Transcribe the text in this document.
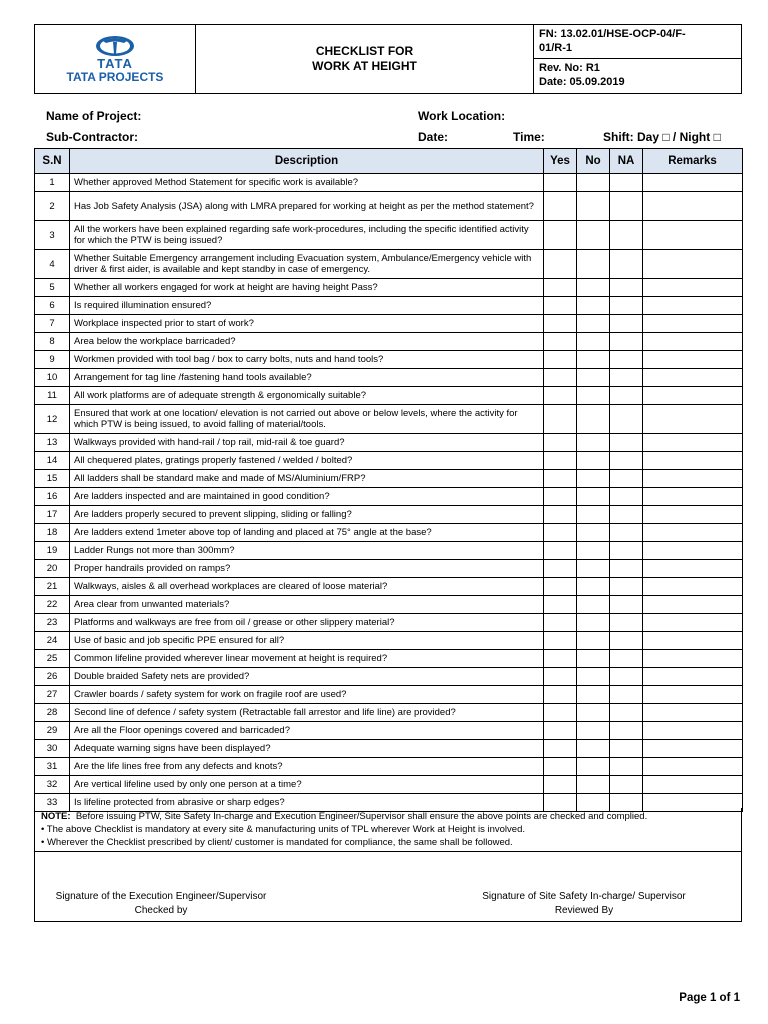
TATA
TATA PROJECTS
CHECKLIST FOR
WORK AT HEIGHT
FN: 13.02.01/HSE-OCP-04/F-
01/R-1
Rev. No: R1
Date: 05.09.2019
Name of Project:	Work Location:
Sub-Contractor:	Date:	Time:	Shift: Day □ / Night □
S.N	Description	Yes	No	NA	Remarks
1	Whether approved Method Statement for specific work is available?				
2	Has Job Safety Analysis (JSA) along with LMRA prepared for working at height as per the method statement?				
3	All the workers have been explained regarding safe work-procedures, including the specific identified activity for which the PTW is being issued?				
4	Whether Suitable Emergency arrangement including Evacuation system, Ambulance/Emergency vehicle with driver & first aider, is available and kept standby in case of emergency.				
5	Whether all workers engaged for work at height are having height Pass?				
6	Is required illumination ensured?				
7	Workplace inspected prior to start of work?				
8	Area below the workplace barricaded?				
9	Workmen provided with tool bag / box to carry bolts, nuts and hand tools?				
10	Arrangement for tag line /fastening hand tools available?				
11	All work platforms are of adequate strength & ergonomically suitable?				
12	Ensured that work at one location/ elevation is not carried out above or below levels, where the activity for which PTW is being issued, to avoid falling of material/tools.				
13	Walkways provided with hand-rail / top rail, mid-rail & toe guard?				
14	All chequered plates, gratings properly fastened / welded / bolted?				
15	All ladders shall be standard make and made of MS/Aluminium/FRP?				
16	Are ladders inspected and are maintained in good condition?				
17	Are ladders properly secured to prevent slipping, sliding or falling?				
18	Are ladders extend 1meter above top of landing and placed at 75° angle at the base?				
19	Ladder Rungs not more than 300mm?				
20	Proper handrails provided on ramps?				
21	Walkways, aisles & all overhead workplaces are cleared of loose material?				
22	Area clear from unwanted materials?				
23	Platforms and walkways are free from oil / grease or other slippery material?				
24	Use of basic and job specific PPE ensured for all?				
25	Common lifeline provided wherever linear movement at height is required?				
26	Double braided Safety nets are provided?				
27	Crawler boards / safety system for work on fragile roof are used?				
28	Second line of defence / safety system (Retractable fall arrestor and life line) are provided?				
29	Are all the Floor openings covered and barricaded?				
30	Adequate warning signs have been displayed?				
31	Are the life lines free from any defects and knots?				
32	Are vertical lifeline used by only one person at a time?				
33	Is lifeline protected from abrasive or sharp edges?				
NOTE: Before issuing PTW, Site Safety In-charge and Execution Engineer/Supervisor shall ensure the above points are checked and complied.
• The above Checklist is mandatory at every site & manufacturing units of TPL wherever Work at Height is involved.
• Wherever the Checklist prescribed by client/ customer is mandated for compliance, the same shall be followed.
Signature of the Execution Engineer/Supervisor
Checked by
Signature of Site Safety In-charge/ Supervisor
Reviewed By
Page 1 of 1
